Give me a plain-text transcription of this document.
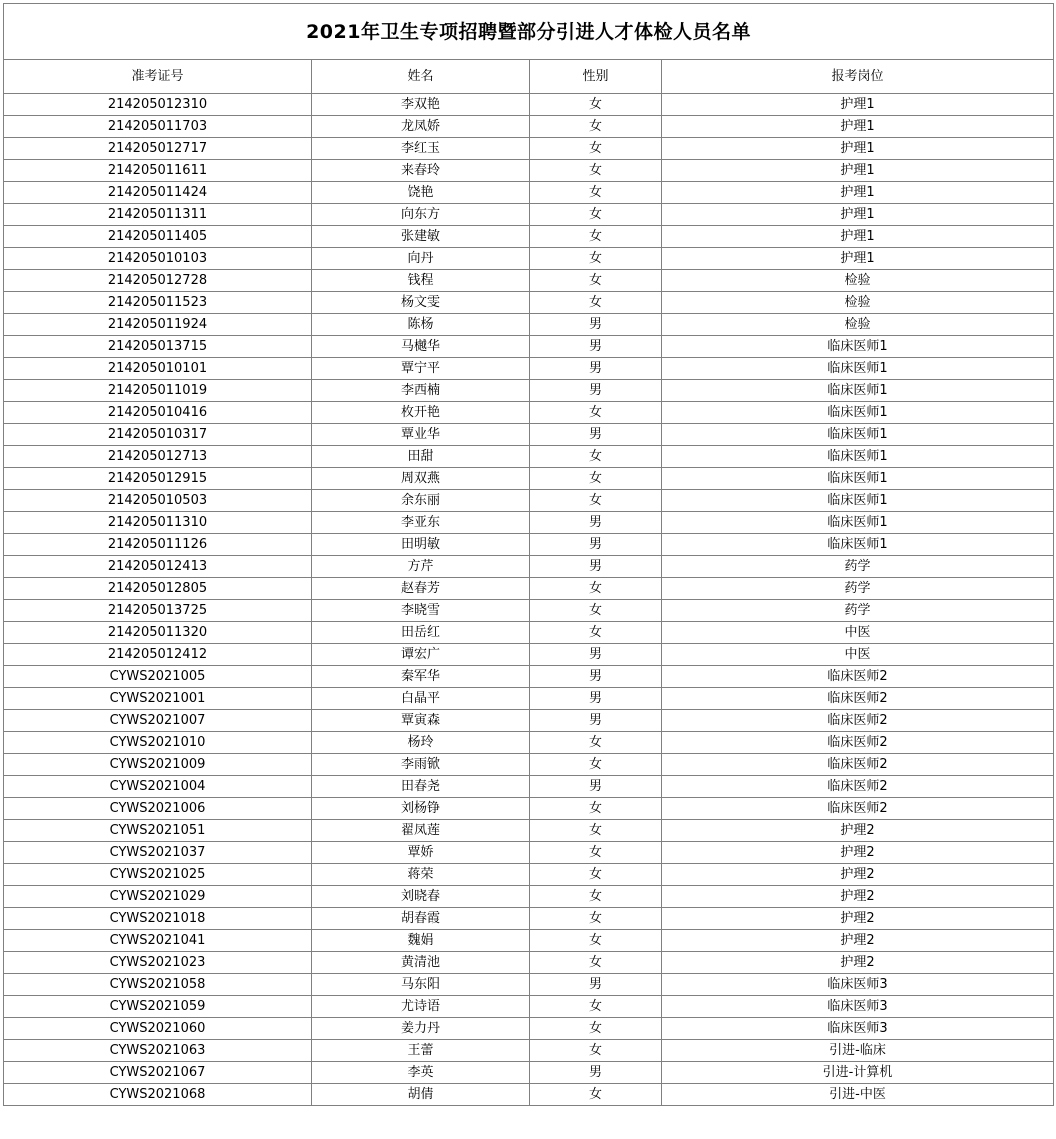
2021年卫生专项招聘暨部分引进人才体检人员名单			
准考证号	姓名	性别	报考岗位
214205012310	李双艳	女	护理1
214205011703	龙凤娇	女	护理1
214205012717	李红玉	女	护理1
214205011611	来春玲	女	护理1
214205011424	饶艳	女	护理1
214205011311	向东方	女	护理1
214205011405	张建敏	女	护理1
214205010103	向丹	女	护理1
214205012728	钱程	女	检验
214205011523	杨文雯	女	检验
214205011924	陈杨	男	检验
214205013715	马樾华	男	临床医师1
214205010101	覃宁平	男	临床医师1
214205011019	李西楠	男	临床医师1
214205010416	枚开艳	女	临床医师1
214205010317	覃业华	男	临床医师1
214205012713	田甜	女	临床医师1
214205012915	周双燕	女	临床医师1
214205010503	余东丽	女	临床医师1
214205011310	李亚东	男	临床医师1
214205011126	田明敏	男	临床医师1
214205012413	方芹	男	药学
214205012805	赵春芳	女	药学
214205013725	李晓雪	女	药学
214205011320	田岳红	女	中医
214205012412	谭宏广	男	中医
CYWS2021005	秦军华	男	临床医师2
CYWS2021001	白晶平	男	临床医师2
CYWS2021007	覃寅森	男	临床医师2
CYWS2021010	杨玲	女	临床医师2
CYWS2021009	李雨锨	女	临床医师2
CYWS2021004	田春尧	男	临床医师2
CYWS2021006	刘杨铮	女	临床医师2
CYWS2021051	翟凤莲	女	护理2
CYWS2021037	覃娇	女	护理2
CYWS2021025	蒋荣	女	护理2
CYWS2021029	刘晓春	女	护理2
CYWS2021018	胡春霞	女	护理2
CYWS2021041	魏娟	女	护理2
CYWS2021023	黄清池	女	护理2
CYWS2021058	马东阳	男	临床医师3
CYWS2021059	尤诗语	女	临床医师3
CYWS2021060	姜力丹	女	临床医师3
CYWS2021063	王蕾	女	引进-临床
CYWS2021067	李英	男	引进-计算机
CYWS2021068	胡倩	女	引进-中医
